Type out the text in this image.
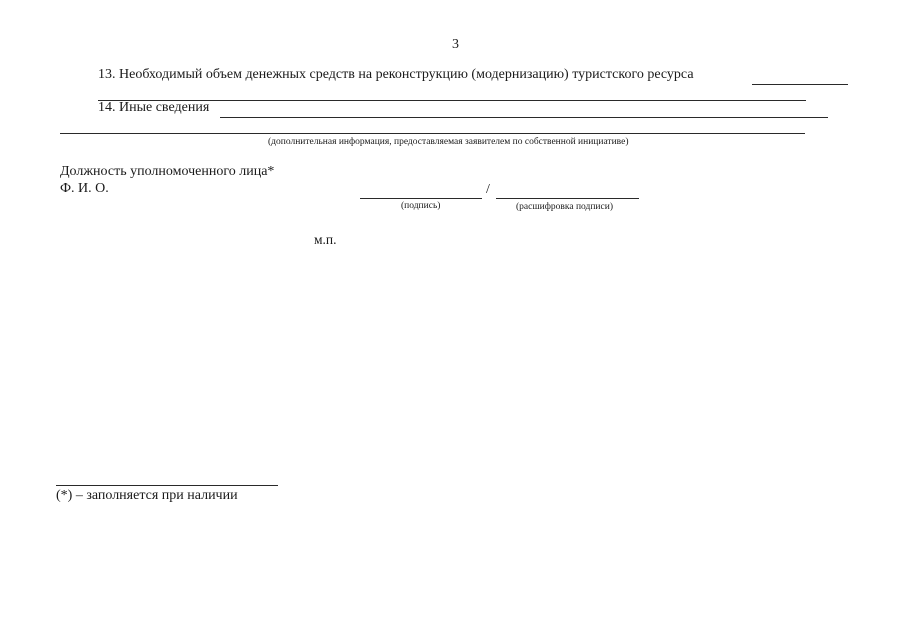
3
13. Необходимый объем денежных средств на реконструкцию (модернизацию) туристского ресурса
14. Иные сведения
(дополнительная информация, предоставляемая заявителем по собственной инициативе)
Должность уполномоченного лица*
Ф. И. О.	/
(подпись)	(расшифровка подписи)
м.п.
(*) – заполняется при наличии
